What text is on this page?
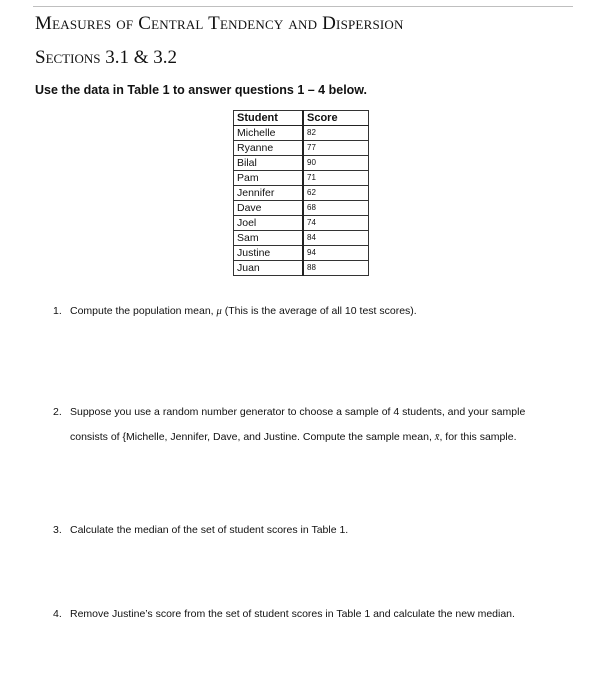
Measures of Central Tendency and Dispersion
Sections 3.1 & 3.2
Use the data in Table 1 to answer questions 1 – 4 below.
Student	Score
Michelle	82
Ryanne	77
Bilal	90
Pam	71
Jennifer	62
Dave	68
Joel	74
Sam	84
Justine	94
Juan	88
1. Compute the population mean, μ (This is the average of all 10 test scores).
2. Suppose you use a random number generator to choose a sample of 4 students, and your sample
consists of {Michelle, Jennifer, Dave, and Justine. Compute the sample mean, x̄, for this sample.
3. Calculate the median of the set of student scores in Table 1.
4. Remove Justine’s score from the set of student scores in Table 1 and calculate the new median.
